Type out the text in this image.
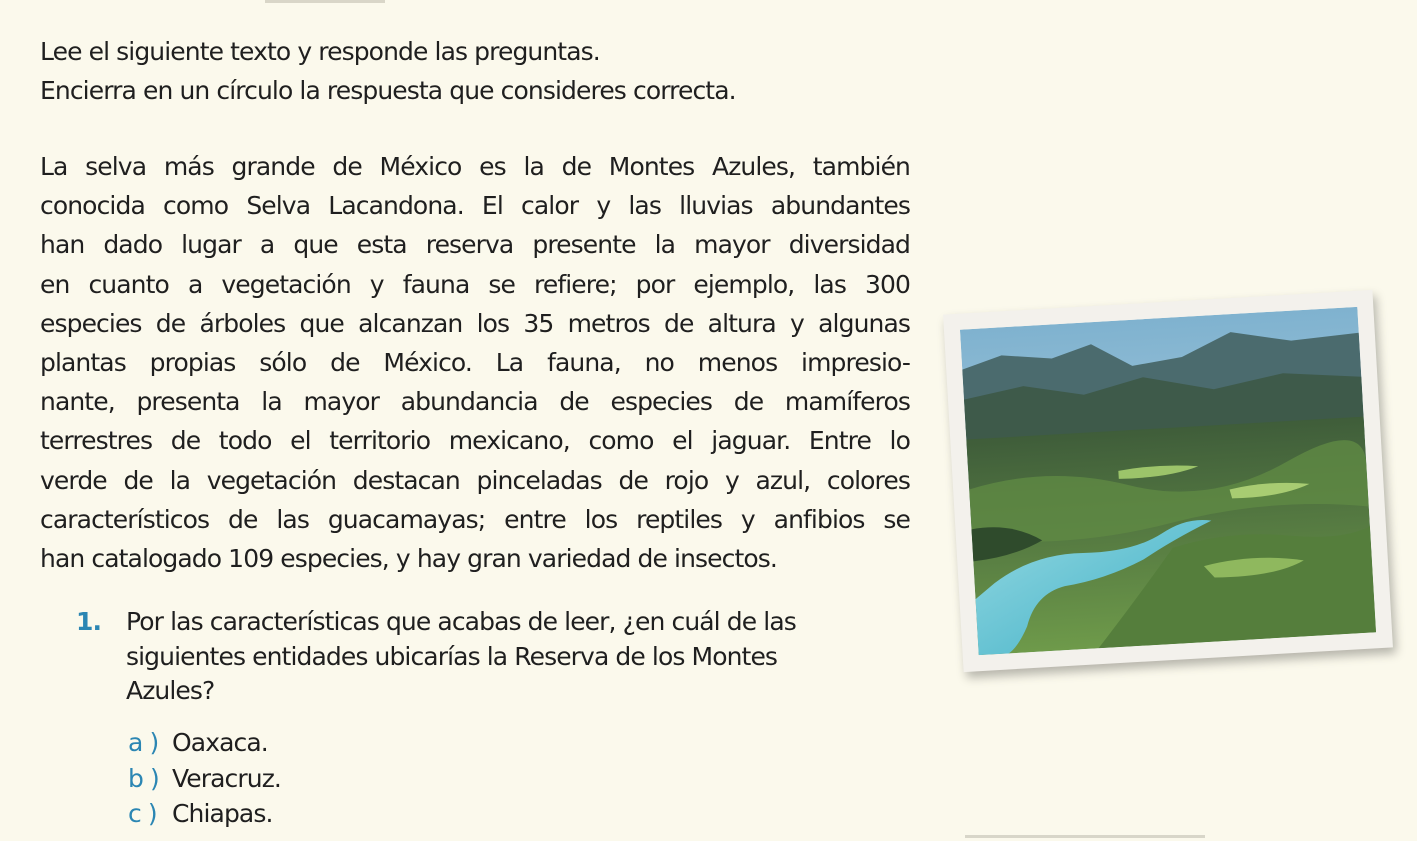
Lee el siguiente texto y responde las preguntas.

Encierra en un círculo la respuesta que consideres correcta.

La selva más grande de México es la de Montes Azules, también
conocida como Selva Lacandona. El calor y las lluvias abundantes
han dado lugar a que esta reserva presente la mayor diversidad
en cuanto a vegetación y fauna se refiere; por ejemplo, las 300
especies de árboles que alcanzan los 35 metros de altura y algunas
plantas propias sólo de México. La fauna, no menos impresio-
nante, presenta la mayor abundancia de especies de mamíferos
terrestres de todo el territorio mexicano, como el jaguar. Entre lo
verde de la vegetación destacan pinceladas de rojo y azul, colores
característicos de las guacamayas; entre los reptiles y anfibios se
han catalogado 109 especies, y hay gran variedad de insectos.
1. Por las características que acabas de leer, ¿en cuál de las
siguientes entidades ubicarías la Reserva de los Montes
Azules?
a ) Oaxaca.
b ) Veracruz.
c ) Chiapas.
